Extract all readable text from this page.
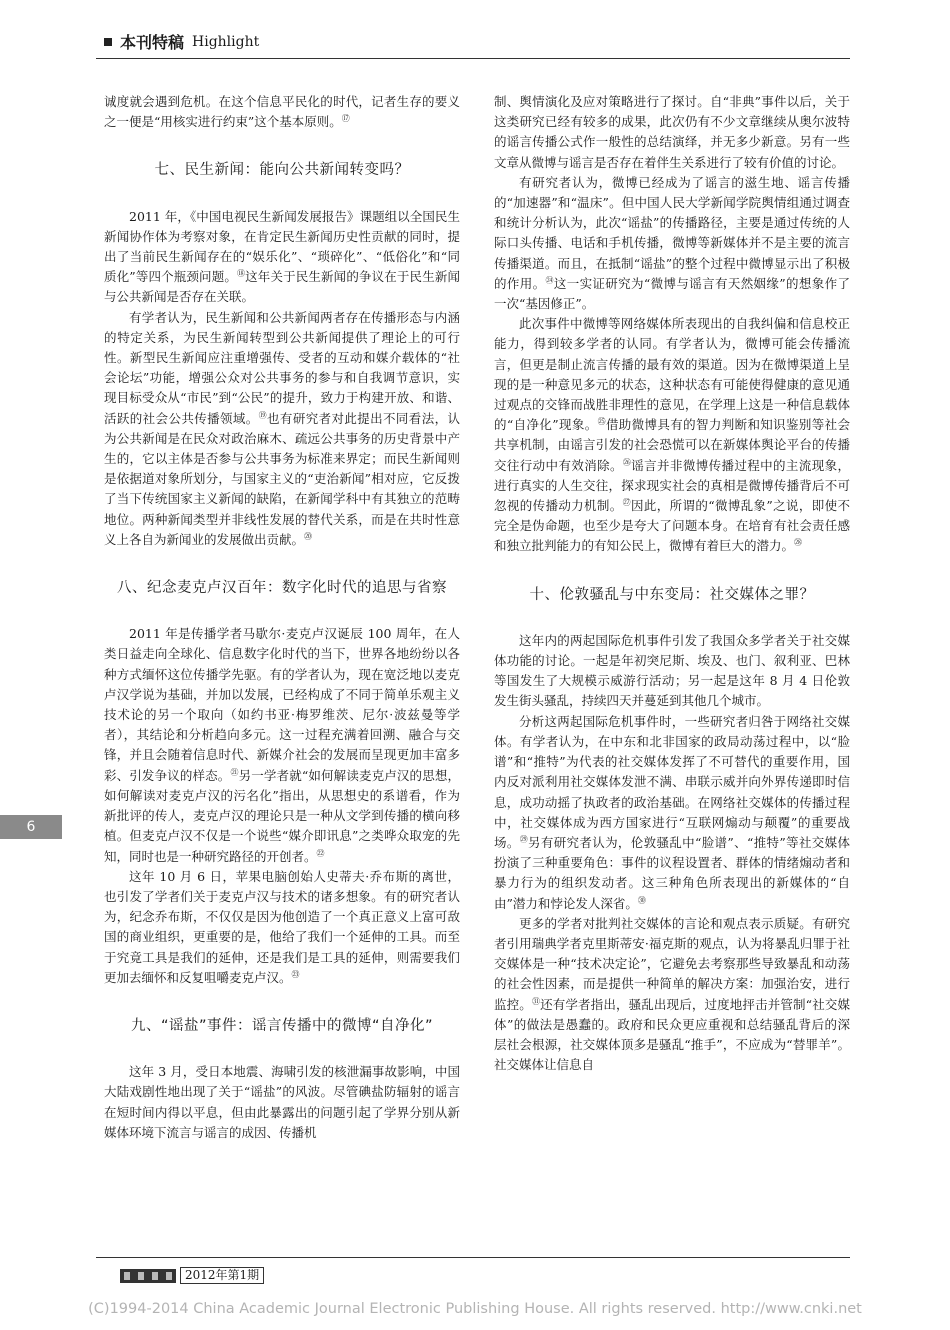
本刊特稿 Highlight

诚度就会遇到危机。在这个信息平民化的时代，记者生存的要义之一便是“用核实进行约束”这个基本原则。⑰

七、民生新闻：能向公共新闻转变吗？

2011 年，《中国电视民生新闻发展报告》课题组以全国民生新闻协作体为考察对象，在肯定民生新闻历史性贡献的同时，提出了当前民生新闻存在的“娱乐化”、“琐碎化”、“低俗化”和“同质化”等四个瓶颈问题。⑱这年关于民生新闻的争议在于民生新闻与公共新闻是否存在关联。

有学者认为，民生新闻和公共新闻两者存在传播形态与内涵的特定关系，为民生新闻转型到公共新闻提供了理论上的可行性。新型民生新闻应注重增强传、受者的互动和媒介载体的“社会论坛”功能，增强公众对公共事务的参与和自我调节意识，实现目标受众从“市民”到“公民”的提升，致力于构建开放、和谐、活跃的社会公共传播领域。⑲也有研究者对此提出不同看法，认为公共新闻是在民众对政治麻木、疏远公共事务的历史背景中产生的，它以主体是否参与公共事务为标准来界定；而民生新闻则是依据道对象所划分，与国家主义的“吏治新闻”相对应，它反拨了当下传统国家主义新闻的缺陷，在新闻学科中有其独立的范畴地位。两种新闻类型并非线性发展的替代关系，而是在共时性意义上各自为新闻业的发展做出贡献。⑳

八、纪念麦克卢汉百年：数字化时代的追思与省察

2011 年是传播学者马歇尔·麦克卢汉诞辰 100 周年，在人类日益走向全球化、信息数字化时代的当下，世界各地纷纷以各种方式缅怀这位传播学先驱。有的学者认为，现在宽泛地以麦克卢汉学说为基础，并加以发展，已经构成了不同于简单乐观主义技术论的另一个取向（如约书亚·梅罗维茨、尼尔·波兹曼等学者），其结论和分析趋向多元。这一过程充满着回溯、融合与交锋，并且会随着信息时代、新媒介社会的发展而呈现更加丰富多彩、引发争议的样态。$^㉑$另一学者就“如何解读麦克卢汉的思想，如何解读对麦克卢汉的污名化”指出，从思想史的系谱看，作为新批评的传人，麦克卢汉的理论只是一种从文学到传播的横向移植。但麦克卢汉不仅是一个说些“媒介即讯息”之类哗众取宠的先知，同时也是一种研究路径的开创者。$^㉒$

这年 10 月 6 日，苹果电脑创始人史蒂夫·乔布斯的离世，也引发了学者们关于麦克卢汉与技术的诸多想象。有的研究者认为，纪念乔布斯，不仅仅是因为他创造了一个真正意义上富可敌国的商业组织，更重要的是，他给了我们一个延伸的工具。而至于究竟工具是我们的延伸，还是我们是工具的延伸，则需要我们更加去缅怀和反复咀嚼麦克卢汉。$^㉓$

九、“谣盐”事件：谣言传播中的微博“自净化”

这年 3 月，受日本地震、海啸引发的核泄漏事故影响，中国大陆戏剧性地出现了关于“谣盐”的风波。尽管碘盐防辐射的谣言在短时间内得以平息，但由此暴露出的问题引起了学界分别从新媒体环境下流言与谣言的成因、传播机

制、舆情演化及应对策略进行了探讨。自“非典”事件以后，关于这类研究已经有较多的成果，此次仍有不少文章继续从奥尔波特的谣言传播公式作一般性的总结演绎，并无多少新意。另有一些文章从微博与谣言是否存在着伴生关系进行了较有价值的讨论。

有研究者认为，微博已经成为了谣言的滋生地、谣言传播的“加速器”和“温床”。但中国人民大学新闻学院舆情组通过调查和统计分析认为，此次“谣盐”的传播路径，主要是通过传统的人际口头传播、电话和手机传播，微博等新媒体并不是主要的流言传播渠道。而且，在抵制“谣盐”的整个过程中微博显示出了积极的作用。$^㉔$这一实证研究为“微博与谣言有天然姻缘”的想象作了一次“基因修正”。

此次事件中微博等网络媒体所表现出的自我纠偏和信息校正能力，得到较多学者的认同。有学者认为，微博可能会传播流言，但更是制止流言传播的最有效的渠道。因为在微博渠道上呈现的是一种意见多元的状态，这种状态有可能使得健康的意见通过观点的交锋而战胜非理性的意见，在学理上这是一种信息载体的“自净化”现象。$^㉕$借助微博具有的智力判断和知识鉴别等社会共享机制，由谣言引发的社会恐慌可以在新媒体舆论平台的传播交往行动中有效消除。$^㉖$谣言并非微博传播过程中的主流现象，进行真实的人生交往，探求现实社会的真相是微博传播背后不可忽视的传播动力机制。$^㉗$因此，所谓的“微博乱象”之说，即使不完全是伪命题，也至少是夸大了问题本身。在培育有社会责任感和独立批判能力的有知公民上，微博有着巨大的潜力。$^㉘$

十、伦敦骚乱与中东变局：社交媒体之罪？

这年内的两起国际危机事件引发了我国众多学者关于社交媒体功能的讨论。一起是年初突尼斯、埃及、也门、叙利亚、巴林等国发生了大规模示威游行活动；另一起是这年 8 月 4 日伦敦发生街头骚乱，持续四天并蔓延到其他几个城市。

分析这两起国际危机事件时，一些研究者归咎于网络社交媒体。有学者认为，在中东和北非国家的政局动荡过程中，以“脸谱”和“推特”为代表的社交媒体发挥了不可替代的重要作用，国内反对派利用社交媒体发泄不满、串联示威并向外界传递即时信息，成功动摇了执政者的政治基础。在网络社交媒体的传播过程中，社交媒体成为西方国家进行“互联网煽动与颠覆”的重要战场。$^㉙$另有研究者认为，伦敦骚乱中“脸谱”、“推特”等社交媒体扮演了三种重要角色：事件的议程设置者、群体的情绪煽动者和暴力行为的组织发动者。这三种角色所表现出的新媒体的“自由”潜力和悖论发人深省。$^㉚$

更多的学者对批判社交媒体的言论和观点表示质疑。有研究者引用瑞典学者克里斯蒂安·福克斯的观点，认为将暴乱归罪于社交媒体是一种“技术决定论”，它避免去考察那些导致暴乱和动荡的社会性因素，而是提供一种简单的解决方案：加强治安，进行监控。$^㉛$还有学者指出，骚乱出现后，过度地抨击并管制“社交媒体”的做法是愚蠢的。政府和民众更应重视和总结骚乱背后的深层社会根源，社交媒体顶多是骚乱“推手”，不应成为“替罪羊”。社交媒体让信息自

6
2012年第1期
(C)1994-2014 China Academic Journal Electronic Publishing House. All rights reserved. http://www.cnki.net
